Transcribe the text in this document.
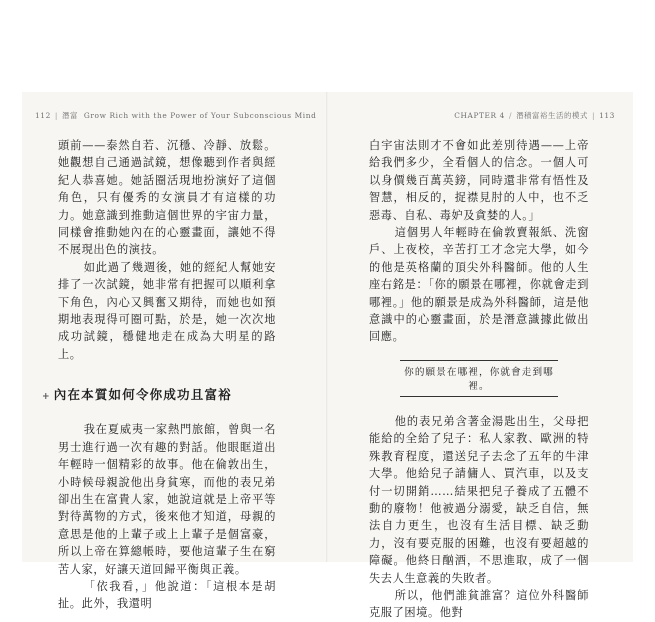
112 | 潛富 Grow Rich with the Power of Your Subconscious Mind	CHAPTER 4 / 潛積富裕生活的模式 | 113

頭前——泰然自若、沉穩、冷靜、放鬆。她觀想自己通過試鏡，想像聽到作者與經紀人恭喜她。她話圈活現地扮演好了這個角色，只有優秀的女演員才有這樣的功力。她意識到推動這個世界的宇宙力量，同樣會推動她內在的心靈畫面，讓她不得不展現出色的演技。

如此過了幾週後，她的經紀人幫她安排了一次試鏡，她非常有把握可以順利拿下角色，內心又興奮又期待，而她也如預期地表現得可圈可點，於是，她一次次地成功試鏡，穩健地走在成為大明星的路上。

+ 內在本質如何令你成功且富裕

我在夏威夷一家熱門旅館，曾與一名男士進行過一次有趣的對話。他眼眶道出年輕時一個精彩的故事。他在倫敦出生，小時候母親說他出身貧寒，而他的表兄弟卻出生在富貴人家，她說這就是上帝平等對待萬物的方式，後來他才知道，母親的意思是他的上輩子或上上輩子是個富豪，所以上帝在算總帳時，要他這輩子生在窮苦人家，好讓天道回歸平衡與正義。

「依我看，」他說道：「這根本是胡扯。此外，我還明

白宇宙法則才不會如此差別待遇——上帝給我們多少，全看個人的信念。一個人可以身價幾百萬英鎊，同時還非常有悟性及智慧，相反的，捉襟見肘的人中，也不乏惡毒、自私、毒妒及貪婪的人。」

這個男人年輕時在倫敦賣報紙、洗窗戶、上夜校，辛苦打工才念完大學，如今的他是英格蘭的頂尖外科醫師。他的人生座右銘是：「你的願景在哪裡，你就會走到哪裡。」他的願景是成為外科醫師，這是他意識中的心靈畫面，於是潛意識據此做出回應。

你的願景在哪裡，你就會走到哪裡。

他的表兄弟含著金湯匙出生，父母把能給的全給了兒子：私人家教、歐洲的特殊教育程度，還送兒子去念了五年的牛津大學。他給兒子請傭人、買汽車，以及支付一切開銷……結果把兒子養成了五體不動的廢物！他被過分溺愛，缺乏自信，無法自力更生，也沒有生活目標、缺乏動力，沒有要克服的困難，也沒有要超越的障礙。他終日酗酒，不思進取，成了一個失去人生意義的失敗者。

所以，他們誰貧誰富？這位外科醫師克服了困境。他對
